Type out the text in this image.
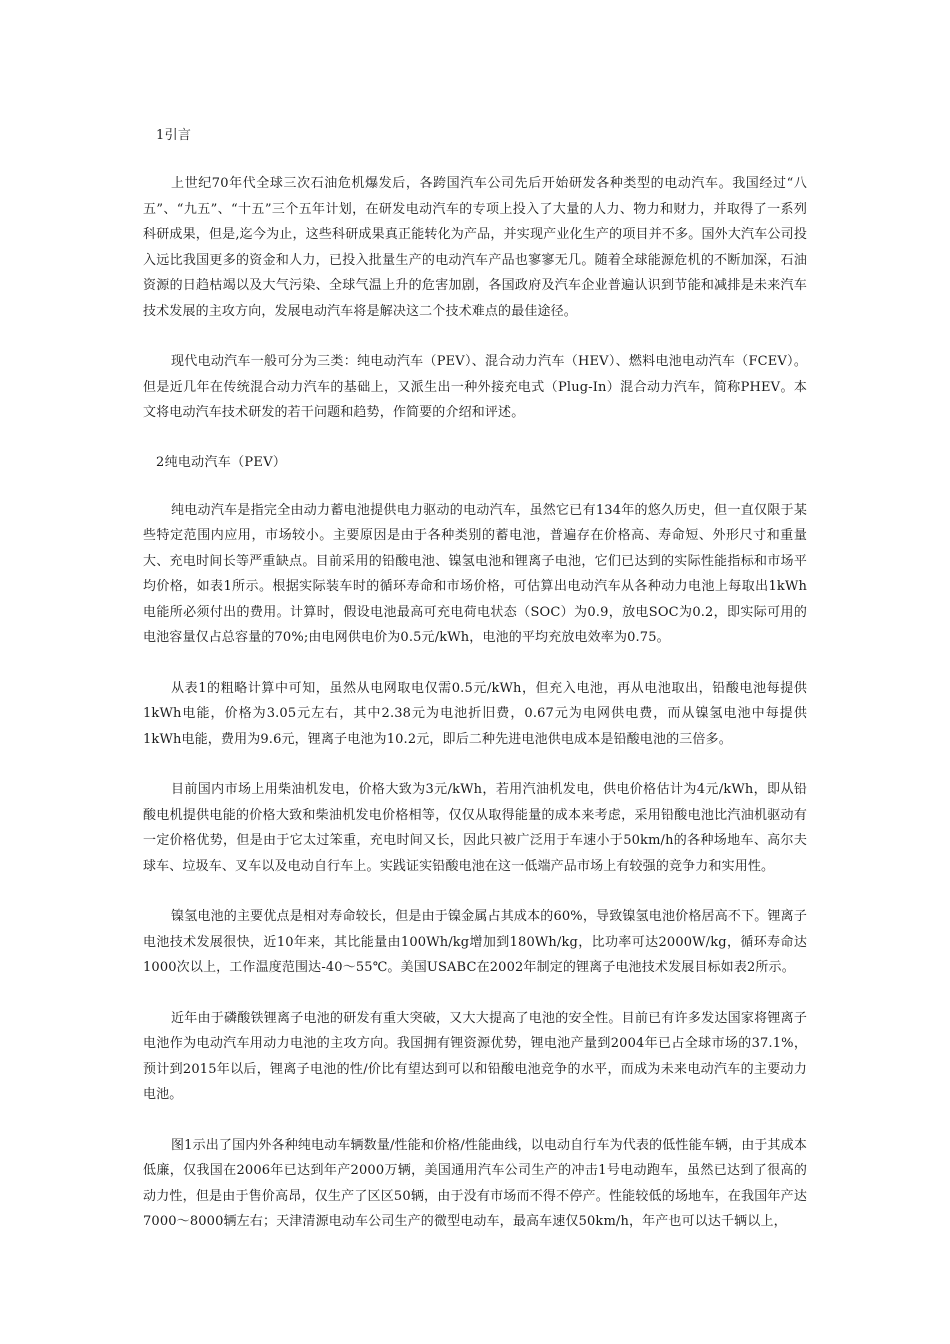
1引言

上世纪70年代全球三次石油危机爆发后，各跨国汽车公司先后开始研发各种类型的电动汽车。我国经过“八五”、“九五”、“十五”三个五年计划，在研发电动汽车的专项上投入了大量的人力、物力和财力，并取得了一系列科研成果，但是,迄今为止，这些科研成果真正能转化为产品，并实现产业化生产的项目并不多。国外大汽车公司投入远比我国更多的资金和人力，已投入批量生产的电动汽车产品也寥寥无几。随着全球能源危机的不断加深，石油资源的日趋枯竭以及大气污染、全球气温上升的危害加剧，各国政府及汽车企业普遍认识到节能和减排是未来汽车技术发展的主攻方向，发展电动汽车将是解决这二个技术难点的最佳途径。

现代电动汽车一般可分为三类：纯电动汽车（PEV）、混合动力汽车（HEV）、燃料电池电动汽车（FCEV）。但是近几年在传统混合动力汽车的基础上，又派生出一种外接充电式（Plug-In）混合动力汽车，简称PHEV。本文将电动汽车技术研发的若干问题和趋势，作简要的介绍和评述。

2纯电动汽车（PEV）

纯电动汽车是指完全由动力蓄电池提供电力驱动的电动汽车，虽然它已有134年的悠久历史，但一直仅限于某些特定范围内应用，市场较小。主要原因是由于各种类别的蓄电池，普遍存在价格高、寿命短、外形尺寸和重量大、充电时间长等严重缺点。目前采用的铅酸电池、镍氢电池和锂离子电池，它们已达到的实际性能指标和市场平均价格，如表1所示。根据实际装车时的循环寿命和市场价格，可估算出电动汽车从各种动力电池上每取出1kWh电能所必须付出的费用。计算时，假设电池最高可充电荷电状态（SOC）为0.9，放电SOC为0.2，即实际可用的电池容量仅占总容量的70%;由电网供电价为0.5元/kWh，电池的平均充放电效率为0.75。

从表1的粗略计算中可知，虽然从电网取电仅需0.5元/kWh，但充入电池，再从电池取出，铅酸电池每提供1kWh电能，价格为3.05元左右，其中2.38元为电池折旧费，0.67元为电网供电费，而从镍氢电池中每提供1kWh电能，费用为9.6元，锂离子电池为10.2元，即后二种先进电池供电成本是铅酸电池的三倍多。

目前国内市场上用柴油机发电，价格大致为3元/kWh，若用汽油机发电，供电价格估计为4元/kWh，即从铅酸电机提供电能的价格大致和柴油机发电价格相等，仅仅从取得能量的成本来考虑，采用铅酸电池比汽油机驱动有一定价格优势，但是由于它太过笨重，充电时间又长，因此只被广泛用于车速小于50km/h的各种场地车、高尔夫球车、垃圾车、叉车以及电动自行车上。实践证实铅酸电池在这一低端产品市场上有较强的竞争力和实用性。

镍氢电池的主要优点是相对寿命较长，但是由于镍金属占其成本的60%，导致镍氢电池价格居高不下。锂离子电池技术发展很快，近10年来，其比能量由100Wh/kg增加到180Wh/kg，比功率可达2000W/kg，循环寿命达1000次以上，工作温度范围达-40～55℃。美国USABC在2002年制定的锂离子电池技术发展目标如表2所示。

近年由于磷酸铁锂离子电池的研发有重大突破，又大大提高了电池的安全性。目前已有许多发达国家将锂离子电池作为电动汽车用动力电池的主攻方向。我国拥有锂资源优势，锂电池产量到2004年已占全球市场的37.1%，预计到2015年以后，锂离子电池的性/价比有望达到可以和铅酸电池竞争的水平，而成为未来电动汽车的主要动力电池。

图1示出了国内外各种纯电动车辆数量/性能和价格/性能曲线，以电动自行车为代表的低性能车辆，由于其成本低廉，仅我国在2006年已达到年产2000万辆，美国通用汽车公司生产的冲击1号电动跑车，虽然已达到了很高的动力性，但是由于售价高昂，仅生产了区区50辆，由于没有市场而不得不停产。性能较低的场地车，在我国年产达7000～8000辆左右；天津清源电动车公司生产的微型电动车，最高车速仅50km/h，年产也可以达千辆以上，
